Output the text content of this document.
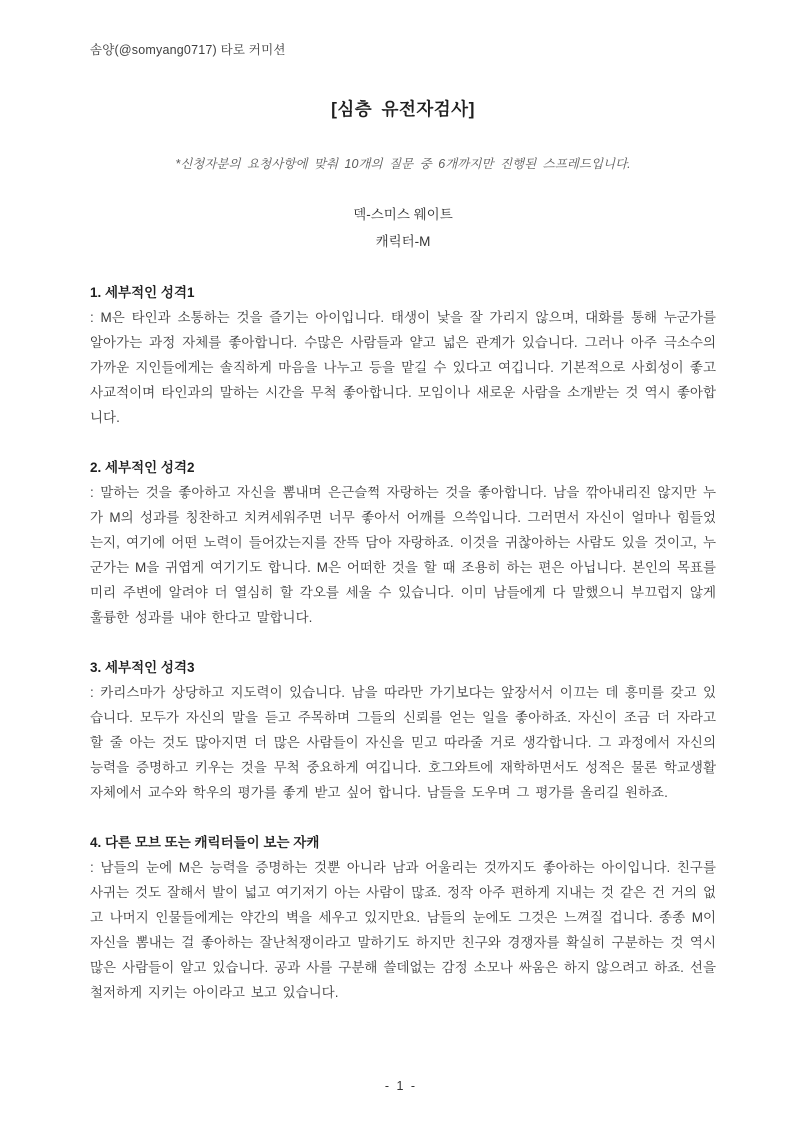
솜양(@somyang0717) 타로 커미션
[심층 유전자검사]
*신청자분의 요청사항에 맞춰 10개의 질문 중 6개까지만 진행된 스프레드입니다.
덱-스미스 웨이트
캐릭터-M
1. 세부적인 성격1
: M은 타인과 소통하는 것을 즐기는 아이입니다. 태생이 낯을 잘 가리지 않으며, 대화를 통해 누군가를 알아가는 과정 자체를 좋아합니다. 수많은 사람들과 얕고 넓은 관계가 있습니다. 그러나 아주 극소수의 가까운 지인들에게는 솔직하게 마음을 나누고 등을 맡길 수 있다고 여깁니다. 기본적으로 사회성이 좋고 사교적이며 타인과의 말하는 시간을 무척 좋아합니다. 모임이나 새로운 사람을 소개받는 것 역시 좋아합니다.
2. 세부적인 성격2
: 말하는 것을 좋아하고 자신을 뽐내며 은근슬쩍 자랑하는 것을 좋아합니다. 남을 깎아내리진 않지만 누가 M의 성과를 칭찬하고 치켜세워주면 너무 좋아서 어깨를 으쓱입니다. 그러면서 자신이 얼마나 힘들었는지, 여기에 어떤 노력이 들어갔는지를 잔뜩 담아 자랑하죠. 이것을 귀찮아하는 사람도 있을 것이고, 누군가는 M을 귀엽게 여기기도 합니다. M은 어떠한 것을 할 때 조용히 하는 편은 아닙니다. 본인의 목표를 미리 주변에 알려야 더 열심히 할 각오를 세울 수 있습니다. 이미 남들에게 다 말했으니 부끄럽지 않게 훌륭한 성과를 내야 한다고 말합니다.
3. 세부적인 성격3
: 카리스마가 상당하고 지도력이 있습니다. 남을 따라만 가기보다는 앞장서서 이끄는 데 흥미를 갖고 있습니다. 모두가 자신의 말을 듣고 주목하며 그들의 신뢰를 얻는 일을 좋아하죠. 자신이 조금 더 자라고 할 줄 아는 것도 많아지면 더 많은 사람들이 자신을 믿고 따라줄 거로 생각합니다. 그 과정에서 자신의 능력을 증명하고 키우는 것을 무척 중요하게 여깁니다. 호그와트에 재학하면서도 성적은 물론 학교생활 자체에서 교수와 학우의 평가를 좋게 받고 싶어 합니다. 남들을 도우며 그 평가를 올리길 원하죠.
4. 다른 모브 또는 캐릭터들이 보는 자캐
: 남들의 눈에 M은 능력을 증명하는 것뿐 아니라 남과 어울리는 것까지도 좋아하는 아이입니다. 친구를 사귀는 것도 잘해서 발이 넓고 여기저기 아는 사람이 많죠. 정작 아주 편하게 지내는 것 같은 건 거의 없고 나머지 인물들에게는 약간의 벽을 세우고 있지만요. 남들의 눈에도 그것은 느껴질 겁니다. 종종 M이 자신을 뽐내는 걸 좋아하는 잘난척쟁이라고 말하기도 하지만 친구와 경쟁자를 확실히 구분하는 것 역시 많은 사람들이 알고 있습니다. 공과 사를 구분해 쓸데없는 감정 소모나 싸움은 하지 않으려고 하죠. 선을 철저하게 지키는 아이라고 보고 있습니다.
- 1 -
